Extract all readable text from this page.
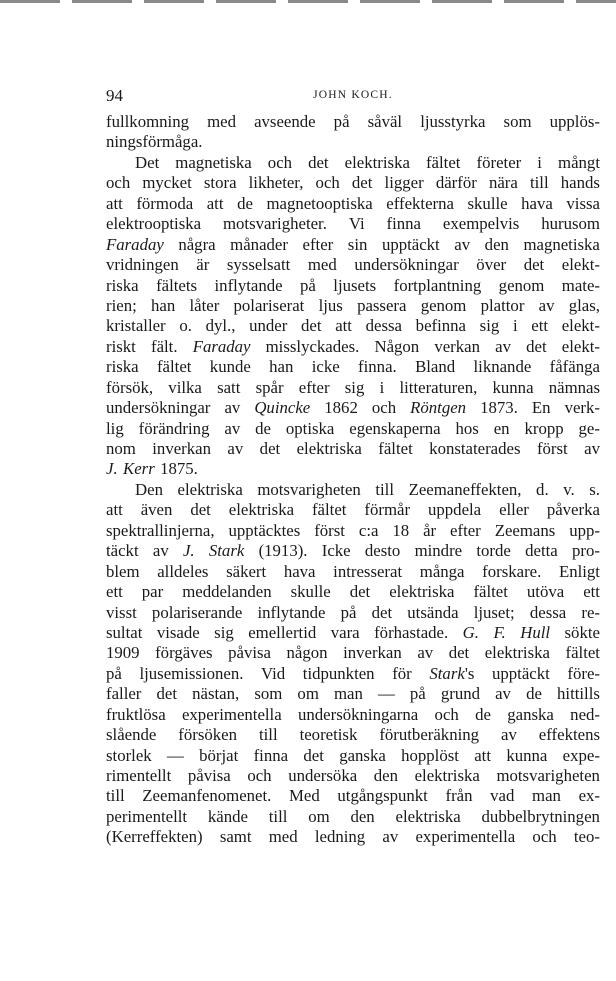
94	JOHN KOCH.
fullkomning med avseende på såväl ljusstyrka som upplös-
ningsförmåga.
Det magnetiska och det elektriska fältet företer i mångt
och mycket stora likheter, och det ligger därför nära till hands
att förmoda att de magnetooptiska effekterna skulle hava vissa
elektrooptiska motsvarigheter. Vi finna exempelvis hurusom
Faraday några månader efter sin upptäckt av den magnetiska
vridningen är sysselsatt med undersökningar över det elekt-
riska fältets inflytande på ljusets fortplantning genom mate-
rien; han låter polariserat ljus passera genom plattor av glas,
kristaller o. dyl., under det att dessa befinna sig i ett elekt-
riskt fält. Faraday misslyckades. Någon verkan av det elekt-
riska fältet kunde han icke finna. Bland liknande fåfänga
försök, vilka satt spår efter sig i litteraturen, kunna nämnas
undersökningar av Quincke 1862 och Röntgen 1873. En verk-
lig förändring av de optiska egenskaperna hos en kropp ge-
nom inverkan av det elektriska fältet konstaterades först av
J. Kerr 1875.
Den elektriska motsvarigheten till Zeemaneffekten, d. v. s.
att även det elektriska fältet förmår uppdela eller påverka
spektrallinjerna, upptäcktes först c:a 18 år efter Zeemans upp-
täckt av J. Stark (1913). Icke desto mindre torde detta pro-
blem alldeles säkert hava intresserat många forskare. Enligt
ett par meddelanden skulle det elektriska fältet utöva ett
visst polariserande inflytande på det utsända ljuset; dessa re-
sultat visade sig emellertid vara förhastade. G. F. Hull sökte
1909 förgäves påvisa någon inverkan av det elektriska fältet
på ljusemissionen. Vid tidpunkten för Stark's upptäckt före-
faller det nästan, som om man — på grund av de hittills
fruktlösa experimentella undersökningarna och de ganska ned-
slående försöken till teoretisk förutberäkning av effektens
storlek — börjat finna det ganska hopplöst att kunna expe-
rimentellt påvisa och undersöka den elektriska motsvarigheten
till Zeemanfenomenet. Med utgångspunkt från vad man ex-
perimentellt kände till om den elektriska dubbelbrytningen
(Kerreffekten) samt med ledning av experimentella och teo-
